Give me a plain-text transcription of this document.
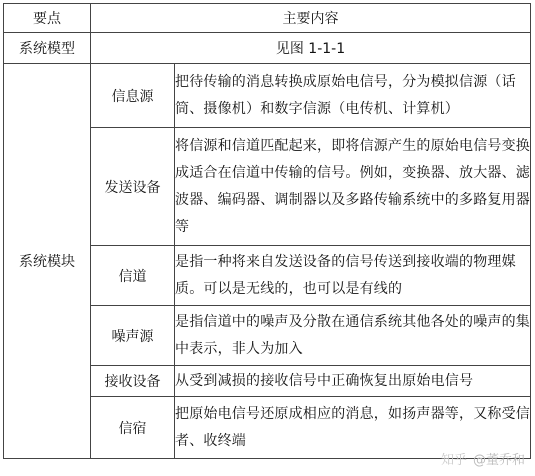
要点	主要内容	
系统模型	见图 1-1-1	
系统模块	信息源	把待传输的消息转换成原始电信号，分为模拟信源（话筒、摄像机）和数字信源（电传机、计算机）
	发送设备	将信源和信道匹配起来，即将信源产生的原始电信号变换成适合在信道中传输的信号。例如，变换器、放大器、滤波器、编码器、调制器以及多路传输系统中的多路复用器等
	信道	是指一种将来自发送设备的信号传送到接收端的物理媒质。可以是无线的，也可以是有线的
	噪声源	是指信道中的噪声及分散在通信系统其他各处的噪声的集中表示，非人为加入
	接收设备	从受到减损的接收信号中正确恢复出原始电信号
	信宿	把原始电信号还原成相应的消息，如扬声器等，又称受信者、收终端
知乎 @董乔和
